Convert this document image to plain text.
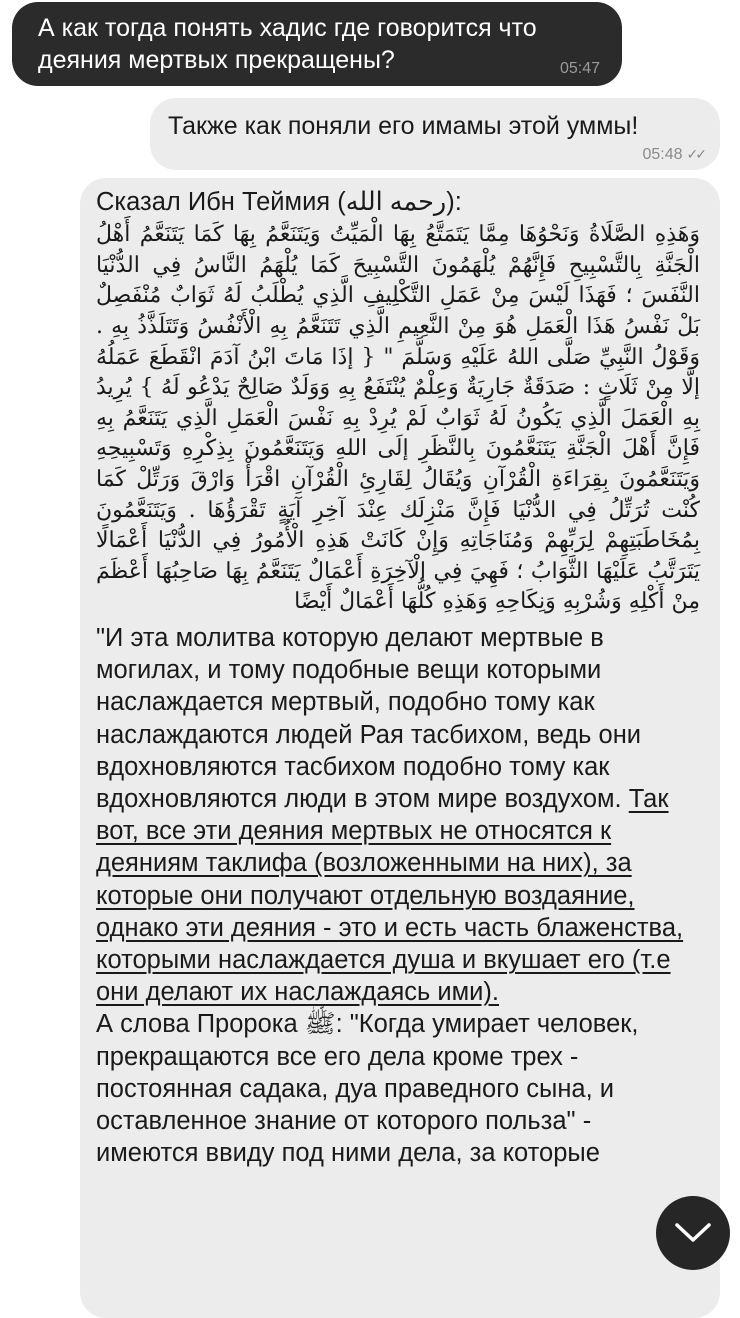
А как тогда понять хадис где говорится что деяния мертвых прекращены?	05:47
Также как поняли его имамы этой уммы!
05:48 ✓✓
Сказал Ибн Теймия (رحمه الله):
وَهَذِهِ الصَّلَاةُ وَنَحْوُهَا مِمَّا يَتَمَتَّعُ بِهَا الْمَيِّتُ وَيَتَنَعَّمُ بِهَا كَمَا يَتَنَعَّمُ أَهْلُ الْجَنَّةِ بِالتَّسْبِيحِ فَإِنَّهُمْ يُلْهَمُونَ التَّسْبِيحَ كَمَا يُلْهَمُ النَّاسُ فِي الدُّنْيَا النَّفَسَ ؛ فَهَذَا لَيْسَ مِنْ عَمَلِ التَّكْلِيفِ الَّذِي يُطْلَبُ لَهُ ثَوَابٌ مُنْفَصِلٌ بَلْ نَفْسُ هَذَا الْعَمَلِ هُوَ مِنْ النَّعِيمِ الَّذِي تَتَنَعَّمُ بِهِ الْأَنْفُسُ وَتَتَلَذَّذُ بِهِ . وَقَوْلُ النَّبِيِّ صَلَّى اللهُ عَلَيْهِ وَسَلَّمَ " { إذَا مَاتَ ابْنُ آدَمَ انْقَطَعَ عَمَلُهُ إلَّا مِنْ ثَلَاثٍ : صَدَقَةٌ جَارِيَةٌ وَعِلْمٌ يُنْتَفَعُ بِهِ وَوَلَدٌ صَالِحٌ يَدْعُو لَهُ } يُرِيدُ بِهِ الْعَمَلَ الَّذِي يَكُونُ لَهُ ثَوَابٌ لَمْ يُرِدْ بِهِ نَفْسَ الْعَمَلِ الَّذِي يَتَنَعَّمُ بِهِ فَإِنَّ أَهْلَ الْجَنَّةِ يَتَنَعَّمُونَ بِالنَّظَرِ إلَى اللهِ وَيَتَنَعَّمُونَ بِذِكْرِهِ وَتَسْبِيحِهِ وَيَتَنَعَّمُونَ بِقِرَاءَةِ الْقُرْآنِ وَيُقَالُ لِقَارِئِ الْقُرْآنِ اقْرَأْ وَارْقَ وَرَتِّلْ كَمَا كُنْت تُرَتِّلُ فِي الدُّنْيَا فَإِنَّ مَنْزِلَك عِنْدَ آخِرِ آيَةٍ تَقْرَؤُهَا . وَيَتَنَعَّمُونَ بِمُخَاطَبَتِهِمْ لِرَبِّهِمْ وَمُنَاجَاتِهِ وَإِنْ كَانَتْ هَذِهِ الْأُمُورُ فِي الدُّنْيَا أَعْمَالًا يَتَرَتَّبُ عَلَيْهَا الثَّوَابُ ؛ فَهِيَ فِي الْآخِرَةِ أَعْمَالٌ يَتَنَعَّمُ بِهَا صَاحِبُهَا أَعْظَمَ مِنْ أَكْلِهِ وَشُرْبِهِ وَنِكَاحِهِ وَهَذِهِ كُلُّهَا أَعْمَالٌ أَيْضًا
"И эта молитва которую делают мертвые в могилах, и тому подобные вещи которыми наслаждается мертвый, подобно тому как наслаждаются людей Рая тасбихом, ведь они вдохновляются тасбихом подобно тому как вдохновляются люди в этом мире воздухом. Так вот, все эти деяния мертвых не относятся к деяниям таклифа (возложенными на них), за которые они получают отдельную воздаяние, однако эти деяния - это и есть часть блаженства, которыми наслаждается душа и вкушает его (т.е они делают их наслаждаясь ими).
А слова Пророка ﷺ: "Когда умирает человек, прекращаются все его дела кроме трех - постоянная садака, дуа праведного сына, и оставленное знание от которого польза" - имеются ввиду под ними дела, за которые
